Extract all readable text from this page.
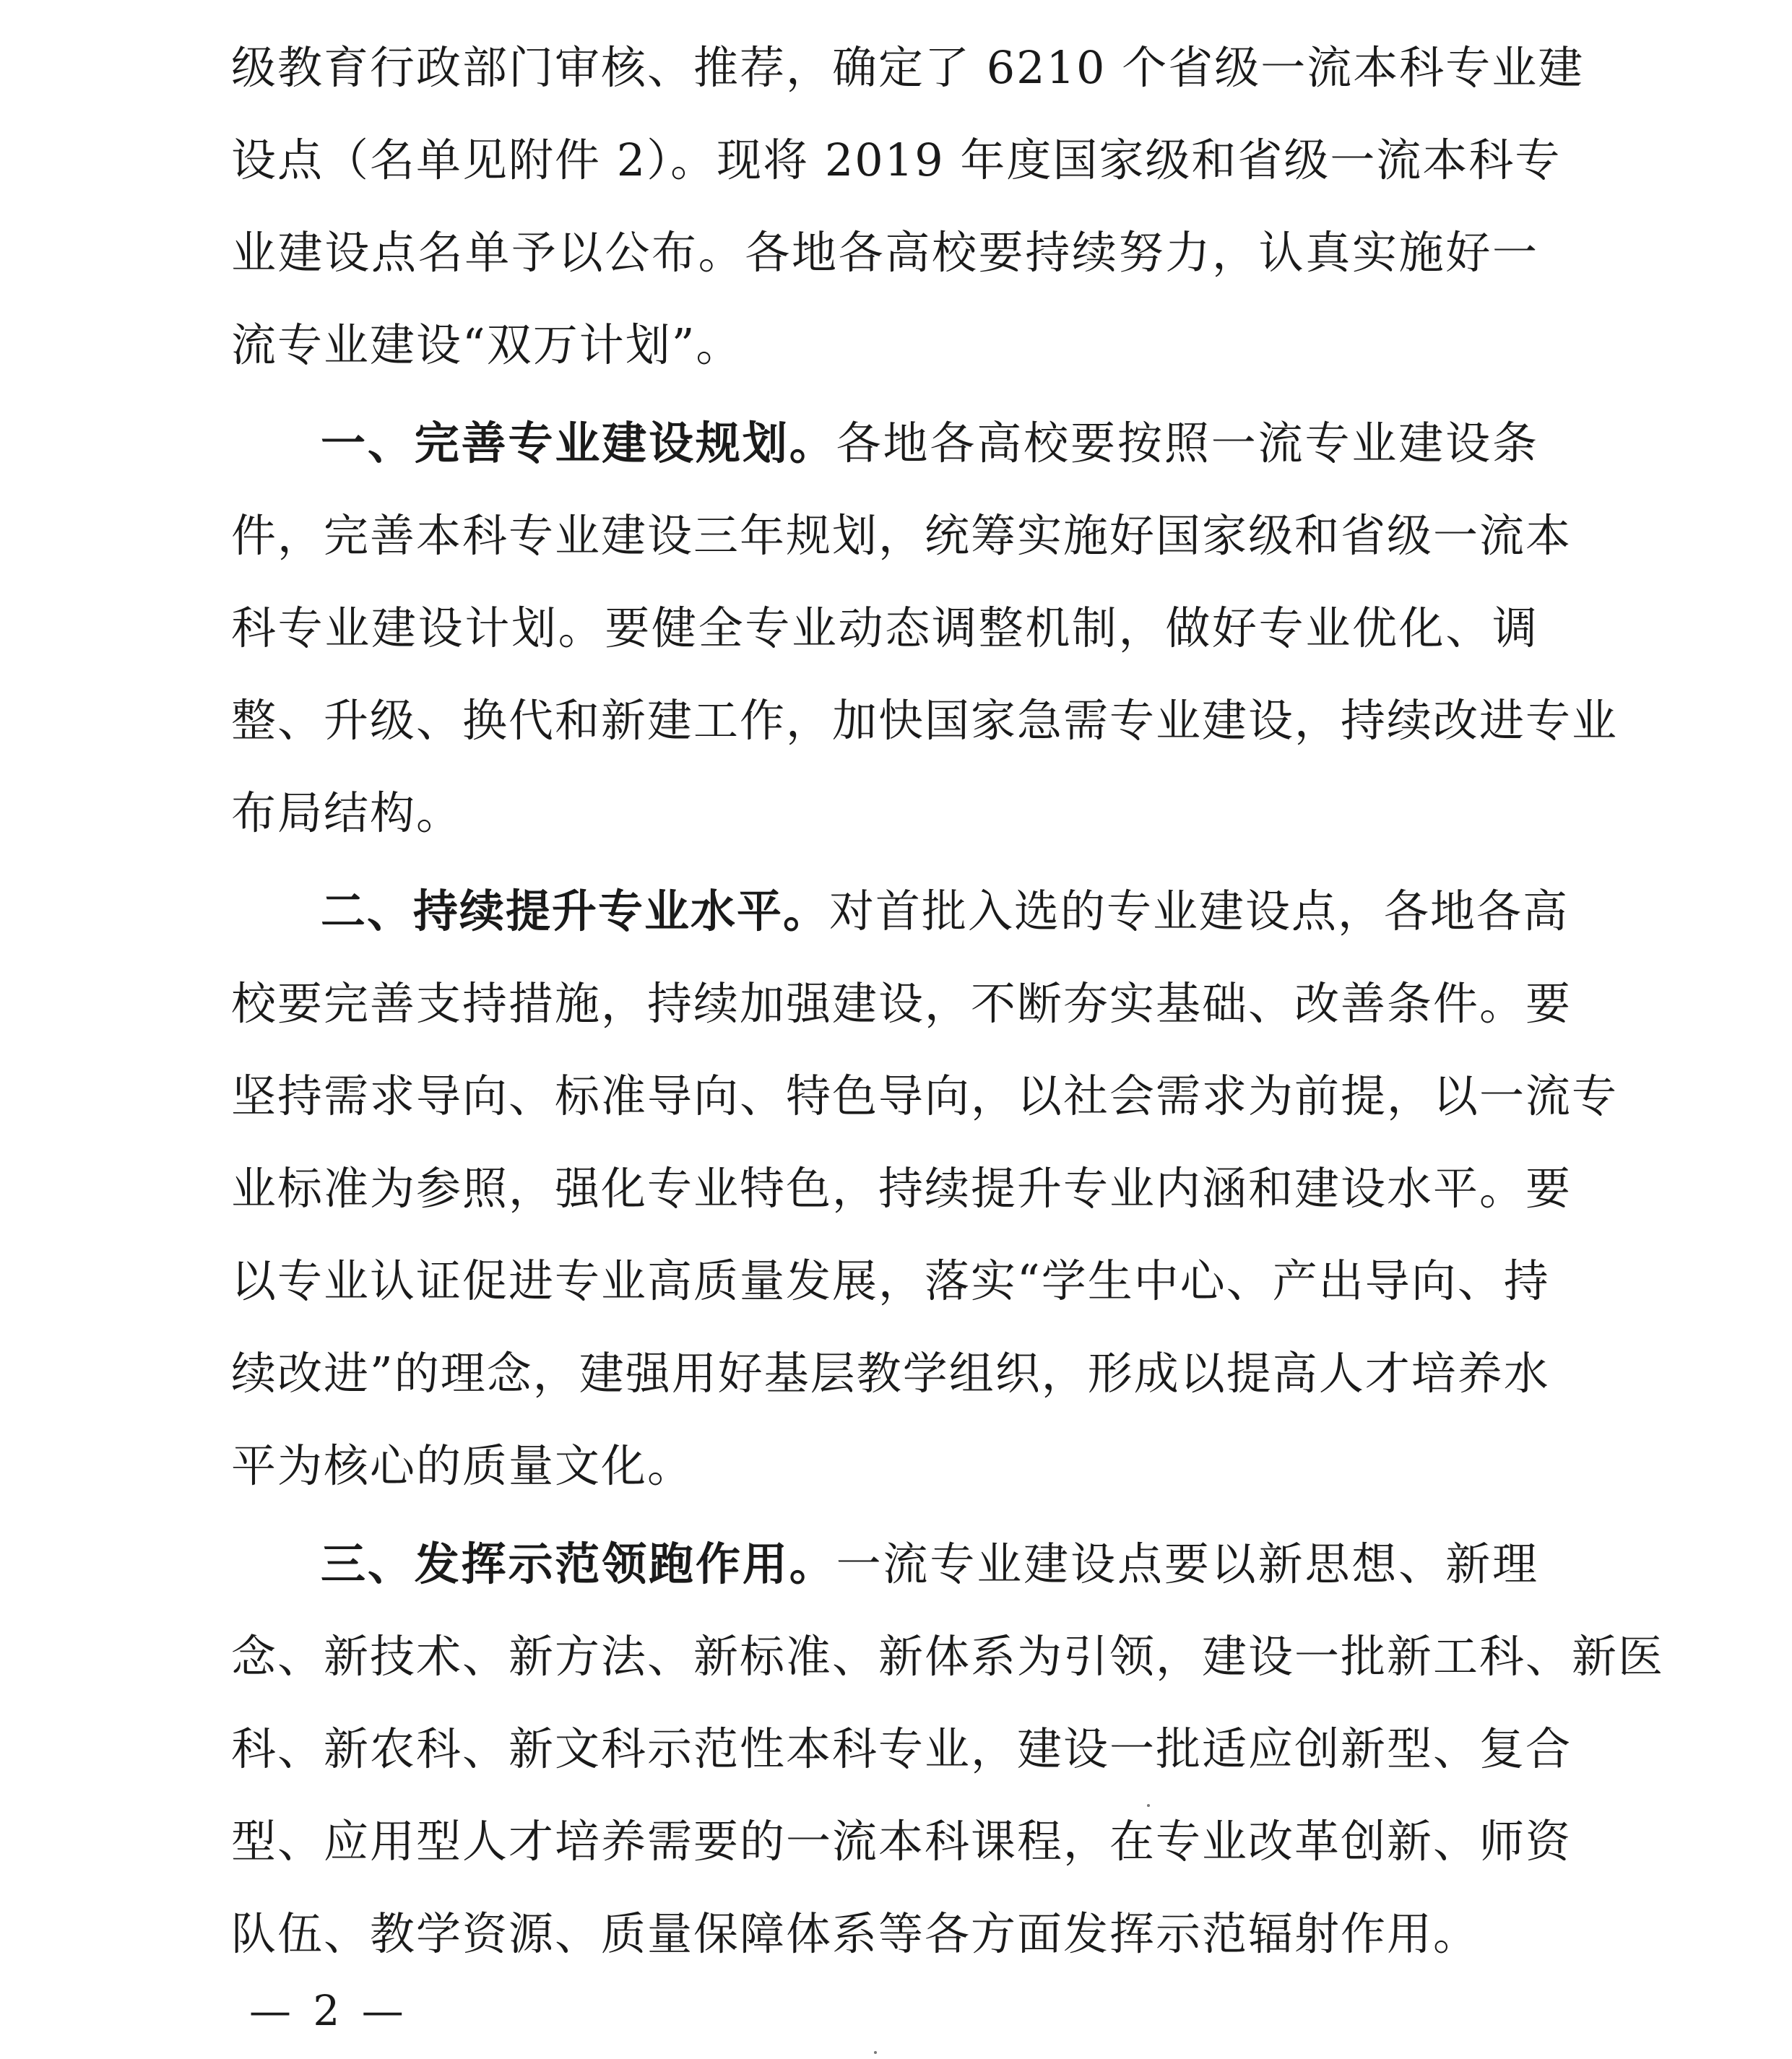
级教育行政部门审核、推荐，确定了 6210 个省级一流本科专业建
设点（名单见附件 2）。现将 2019 年度国家级和省级一流本科专
业建设点名单予以公布。各地各高校要持续努力，认真实施好一
流专业建设“双万计划”。
一、完善专业建设规划。各地各高校要按照一流专业建设条
件，完善本科专业建设三年规划，统筹实施好国家级和省级一流本
科专业建设计划。要健全专业动态调整机制，做好专业优化、调
整、升级、换代和新建工作，加快国家急需专业建设，持续改进专业
布局结构。
二、持续提升专业水平。对首批入选的专业建设点，各地各高
校要完善支持措施，持续加强建设，不断夯实基础、改善条件。要
坚持需求导向、标准导向、特色导向，以社会需求为前提，以一流专
业标准为参照，强化专业特色，持续提升专业内涵和建设水平。要
以专业认证促进专业高质量发展，落实“学生中心、产出导向、持
续改进”的理念，建强用好基层教学组织，形成以提高人才培养水
平为核心的质量文化。
三、发挥示范领跑作用。一流专业建设点要以新思想、新理
念、新技术、新方法、新标准、新体系为引领，建设一批新工科、新医
科、新农科、新文科示范性本科专业，建设一批适应创新型、复合
型、应用型人才培养需要的一流本科课程，在专业改革创新、师资
队伍、教学资源、质量保障体系等各方面发挥示范辐射作用。
— 2 —
